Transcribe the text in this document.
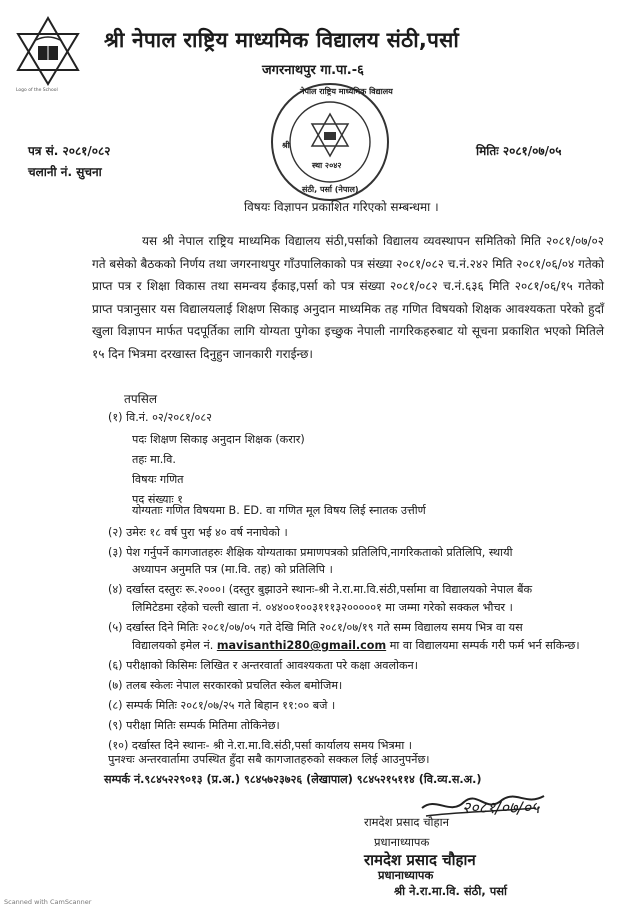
Logo of the School
श्री नेपाल राष्ट्रिय माध्यमिक विद्यालय संठी,पर्सा
जगरनाथपुर गा.पा.-६
नेपाल राष्ट्रिय माध्यमिक विद्यालय
श्री
स्था २०४२
संठी, पर्सा (नेपाल)
पत्र सं. २०८१/०८२
चलानी नं. सुचना
मितिः २०८१/०७/०५
विषयः विज्ञापन प्रकाशित गरिएको सम्बन्धमा ।

यस श्री नेपाल राष्ट्रिय माध्यमिक विद्यालय संठी,पर्साको विद्यालय व्यवस्थापन समितिको मिति २०८१/०७/०२ गते बसेको बैठकको निर्णय तथा जगरनाथपुर गाँउपालिकाको पत्र संख्या २०८१/०८२ च.नं.२४२ मिति २०८१/०६/०४ गतेको प्राप्त पत्र र शिक्षा विकास तथा समन्वय ईकाइ,पर्सा को पत्र संख्या २०८१/०८२ च.नं.६३६ मिति २०८१/०६/१५ गतेको प्राप्त पत्रानुसार यस विद्यालयलाई शिक्षण सिकाइ अनुदान माध्यमिक तह गणित विषयको शिक्षक आवश्यकता परेको हुदाँ खुला विज्ञापन मार्फत पदपूर्तिका लागि योग्यता पुगेका इच्छुक नेपाली नागरिकहरुबाट यो सूचना प्रकाशित भएको मितिले १५ दिन भित्रमा दरखास्त दिनुहुन जानकारी गराईन्छ।

तपसिल
(१) वि.नं. ०२/२०८१/०८२
पदः शिक्षण सिकाइ अनुदान शिक्षक (करार)
तहः मा.वि.
विषयः गणित
पद संख्याः १
योग्यताः गणित विषयमा B. ED. वा गणित मूल विषय लिई स्नातक उत्तीर्ण
(२) उमेरः १८ वर्ष पुरा भई ४० वर्ष ननाघेको ।
(३) पेश गर्नुपर्ने कागजातहरुः शैक्षिक योग्यताका प्रमाणपत्रको प्रतिलिपि,नागरिकताको प्रतिलिपि, स्थायी
अध्यापन अनुमति पत्र (मा.वि. तह) को प्रतिलिपि ।
(४) दर्खास्त दस्तुरः रू.२०००। (दस्तुर बुझाउने स्थानः-श्री ने.रा.मा.वि.संठी,पर्सामा वा विद्यालयको नेपाल बैंक
लिमिटेडमा रहेको चल्ती खाता नं. ०४४००१००३१११३२०००००१ मा जम्मा गरेको सक्कल भौचर ।
(५) दर्खास्त दिने मितिः २०८१/०७/०५ गते देखि मिति २०८१/०७/१९ गते सम्म विद्यालय समय भित्र वा यस
विद्यालयको इमेल नं. mavisanthi280@gmail.com मा वा विद्यालयमा सम्पर्क गरी फर्म भर्न सकिन्छ।
(६) परीक्षाको किसिमः लिखित र अन्तरवार्ता आवश्यकता परे कक्षा अवलोकन।
(७) तलब स्केलः नेपाल सरकारको प्रचलित स्केल बमोजिम।
(८) सम्पर्क मितिः २०८१/०७/२५ गते बिहान ११:०० बजे ।
(९) परीक्षा मितिः सम्पर्क मितिमा तोकिनेछ।
(१०) दर्खास्त दिने स्थानः- श्री ने.रा.मा.वि.संठी,पर्सा कार्यालय समय भित्रमा ।
पुनश्चः अन्तरवार्तामा उपस्थित हुँदा सबै कागजातहरुको सक्कल लिई आउनुपर्नेछ।
सम्पर्क नं.९८४५२२९०१३ (प्र.अ.) ९८४५७२३७२६ (लेखापाल) ९८४५२१५११४ (वि.व्य.स.अ.)
२०८१/०७/०५
रामदेश प्रसाद चौहान
प्रधानाध्यापक
रामदेश प्रसाद चौहान
प्रधानाध्यापक
श्री ने.रा.मा.वि. संठी, पर्सा
Scanned with CamScanner
